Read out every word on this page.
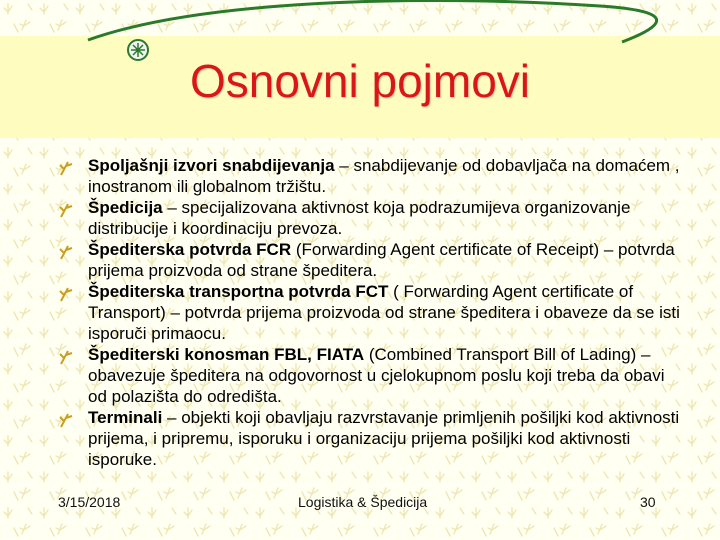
Osnovni pojmovi
Spoljašnji izvori snabdijevanja – snabdijevanje od dobavljača na domaćem , inostranom ili globalnom tržištu.
Špedicija – specijalizovana aktivnost koja podrazumijeva organizovanje distribucije i koordinaciju prevoza.
Špediterska potvrda FCR (Forwarding Agent certificate of Receipt) – potvrda prijema proizvoda od strane špeditera.
Špediterska transportna potvrda FCT ( Forwarding Agent certificate of Transport) – potvrda prijema proizvoda od strane špeditera i obaveze da se isti isporuči primaocu.
Špediterski konosman FBL, FIATA (Combined Transport Bill of Lading) – obavezuje špeditera na odgovornost u cjelokupnom poslu koji treba da obavi od polazišta do odredišta.
Terminali – objekti koji obavljaju razvrstavanje primljenih pošiljki kod aktivnosti prijema, i pripremu, isporuku i organizaciju prijema pošiljki kod aktivnosti isporuke.
3/15/2018	Logistika & Špedicija	30
